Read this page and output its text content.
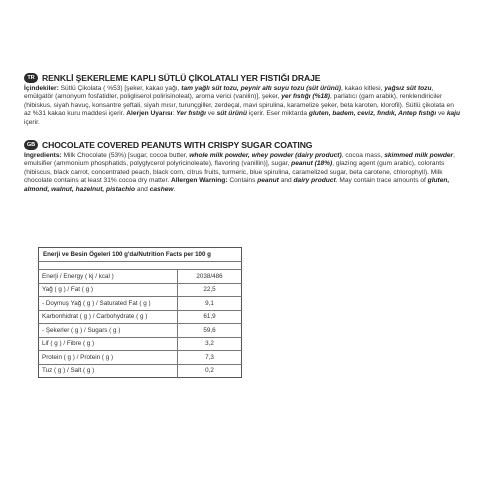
TR RENKLİ ŞEKERLEME KAPLI SÜTLÜ ÇİKOLATALI YER FISTIĞI DRAJE
İçindekiler: Sütlü Çikolata ( %53) [şeker, kakao yağı, tam yağlı süt tozu, peynir altı suyu tozu (süt ürünü), kakao kitlesi, yağsız süt tozu, emülgatör (amonyum fosfatidler, poligliserol polirisinoleat), aroma verici (vanilin)], şeker, yer fıstığı (%18), parlatıcı (gam arabik), renklendiriciler (hibiskus, siyah havuç, konsantre şeftali, siyah mısır, turunçgiller, zerdeçal, mavi spirulina, karamelize şeker, beta karoten, klorofil). Sütlü çikolata en az %31 kakao kuru maddesi içerir. Alerjen Uyarısı: Yer fıstığı ve süt ürünü içerir. Eser miktarda gluten, badem, ceviz, fındık, Antep fıstığı ve kaju içerir.
GB CHOCOLATE COVERED PEANUTS WITH CRISPY SUGAR COATING
Ingredients: Milk Chocolate (53%) [sugar, cocoa butter, whole milk powder, whey powder (dairy product), cocoa mass, skimmed milk powder, emulsifier (ammonium phosphatids, polyglycerol polyricinoleate), flavoring (vanillin)], sugar, peanut (18%), glazing agent (gum arabic), colorants (hibiscus, black carrot, concentrated peach, black corn, citrus fruits, turmeric, blue spirulina, caramelized sugar, beta carotene, chlorophyll). Milk chocolate contains at least 31% cocoa dry matter. Allergen Warning: Contains peanut and dairy product. May contain trace amounts of gluten, almond, walnut, hazelnut, pistachio and cashew.
Enerji ve Besin Ögeleri 100 g'da/Nutrition Facts per 100 g	

Enerji / Energy ( kj / kcal )	2038/486
Yağ ( g ) / Fat ( g )	22,5
- Doymuş Yağ ( g ) / Saturated Fat ( g )	9,1
Karbonhidrat ( g ) / Carbohydrate ( g )	61,9
- Şekerler ( g ) / Sugars ( g )	59,6
Lif ( g ) / Fibre ( g )	3,2
Protein ( g ) / Protein ( g )	7,3
Tuz ( g ) / Salt ( g )	0,2
